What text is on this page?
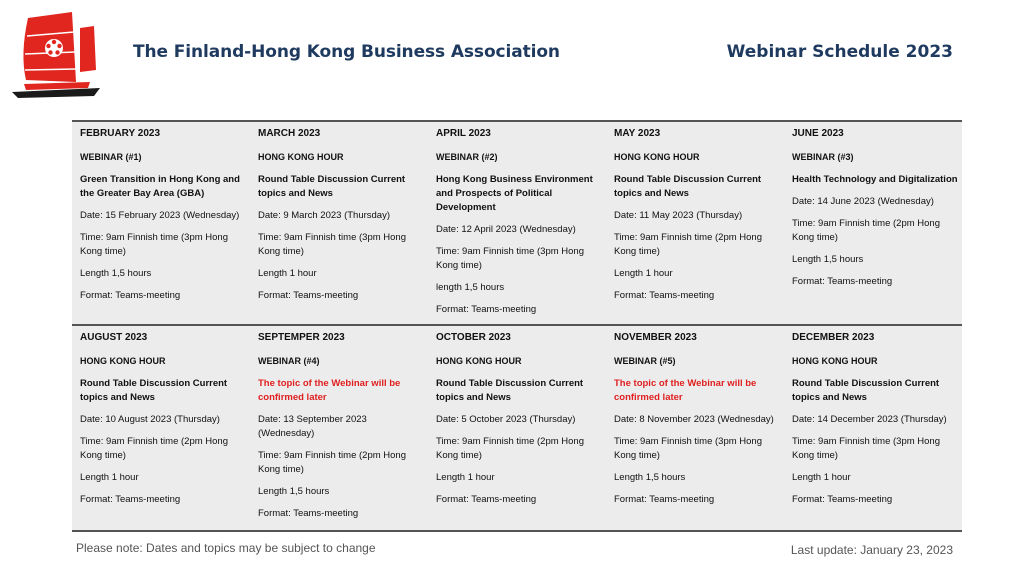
The Finland-Hong Kong Business Association	Webinar Schedule 2023
FEBRUARY 2023
WEBINAR (#1)
Green Transition in Hong Kong and the Greater Bay Area (GBA)
Date: 15 February 2023 (Wednesday)
Time: 9am Finnish time (3pm Hong Kong time)
Length 1,5 hours
Format: Teams-meeting
MARCH 2023
HONG KONG HOUR
Round Table Discussion Current topics and News
Date: 9 March 2023 (Thursday)
Time: 9am Finnish time (3pm Hong Kong time)
Length 1 hour
Format: Teams-meeting
APRIL 2023
WEBINAR (#2)
Hong Kong Business Environment and Prospects of Political Development
Date: 12 April 2023 (Wednesday)
Time: 9am Finnish time (3pm Hong Kong time)
length 1,5 hours
Format: Teams-meeting
MAY 2023
HONG KONG HOUR
Round Table Discussion Current topics and News
Date: 11 May 2023 (Thursday)
Time: 9am Finnish time (2pm Hong Kong time)
Length 1 hour
Format: Teams-meeting
JUNE 2023
WEBINAR (#3)
Health Technology and Digitalization
Date: 14 June 2023 (Wednesday)
Time: 9am Finnish time (2pm Hong Kong time)
Length 1,5 hours
Format: Teams-meeting
AUGUST 2023
HONG KONG HOUR
Round Table Discussion Current topics and News
Date: 10 August 2023 (Thursday)
Time: 9am Finnish time (2pm Hong Kong time)
Length 1 hour
Format: Teams-meeting
SEPTEMPER 2023
WEBINAR (#4)
The topic of the Webinar will be confirmed later
Date: 13 September 2023 (Wednesday)
Time: 9am Finnish time (2pm Hong Kong time)
Length 1,5 hours
Format: Teams-meeting
OCTOBER 2023
HONG KONG HOUR
Round Table Discussion Current topics and News
Date: 5 October 2023 (Thursday)
Time: 9am Finnish time (2pm Hong Kong time)
Length 1 hour
Format: Teams-meeting
NOVEMBER 2023
WEBINAR (#5)
The topic of the Webinar will be confirmed later
Date: 8 November 2023 (Wednesday)
Time: 9am Finnish time (3pm Hong Kong time)
Length 1,5 hours
Format: Teams-meeting
DECEMBER 2023
HONG KONG HOUR
Round Table Discussion Current topics and News
Date: 14 December 2023 (Thursday)
Time: 9am Finnish time (3pm Hong Kong time)
Length 1 hour
Format: Teams-meeting
Please note: Dates and topics may be subject to change	Last update: January 23, 2023
